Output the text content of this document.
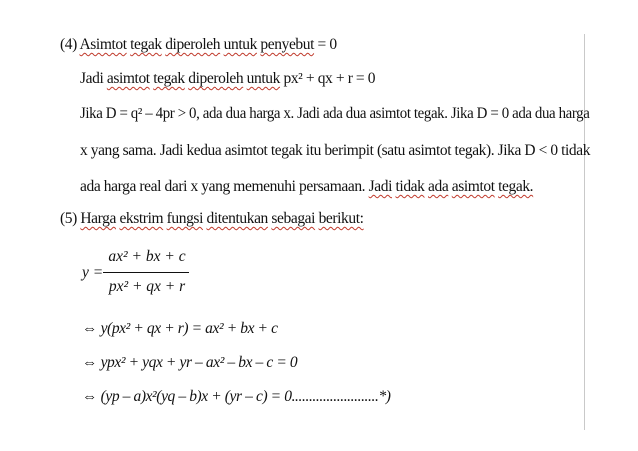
(4) Asimtot tegak diperoleh untuk penyebut = 0
Jadi asimtot tegak diperoleh untuk px² + qx + r = 0
Jika D = q² – 4pr > 0, ada dua harga x. Jadi ada dua asimtot tegak. Jika D = 0 ada dua harga
x yang sama. Jadi kedua asimtot tegak itu berimpit (satu asimtot tegak). Jika D < 0 tidak
ada harga real dari x yang memenuhi persamaan. Jadi tidak ada asimtot tegak.
(5) Harga ekstrim fungsi ditentukan sebagai berikut:
y =
ax² + bx + c
px² + qx + r
⇔ y(px² + qx + r) = ax² + bx + c
⇔ ypx² + yqx + yr – ax² – bx – c = 0
⇔ (yp – a)x²(yq – b)x + (yr – c) = 0.........................*)
